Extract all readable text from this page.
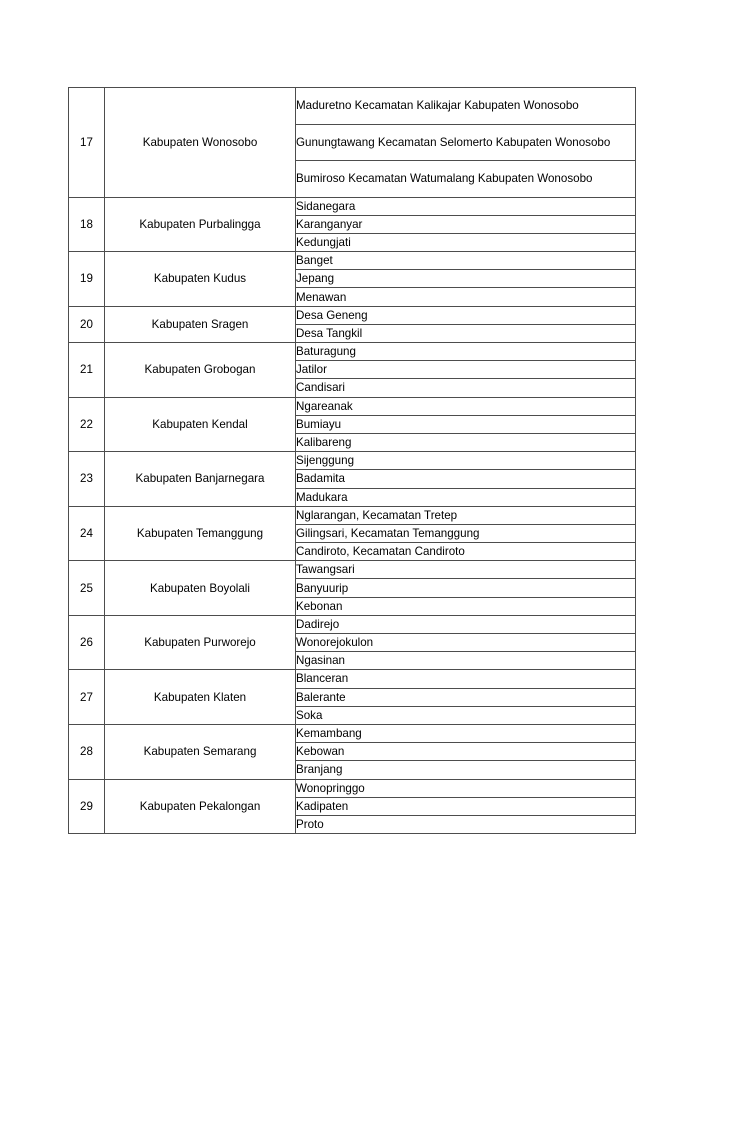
17	Kabupaten Wonosobo	Maduretno Kecamatan Kalikajar Kabupaten Wonosobo
		Gunungtawang Kecamatan Selomerto Kabupaten Wonosobo
		Bumiroso Kecamatan Watumalang Kabupaten Wonosobo
18	Kabupaten Purbalingga	Sidanegara
		Karanganyar
		Kedungjati
19	Kabupaten Kudus	Banget
		Jepang
		Menawan
20	Kabupaten Sragen	Desa Geneng
		Desa Tangkil
21	Kabupaten Grobogan	Baturagung
		Jatilor
		Candisari
22	Kabupaten Kendal	Ngareanak
		Bumiayu
		Kalibareng
23	Kabupaten Banjarnegara	Sijenggung
		Badamita
		Madukara
24	Kabupaten Temanggung	Nglarangan, Kecamatan Tretep
		Gilingsari, Kecamatan Temanggung
		Candiroto, Kecamatan Candiroto
25	Kabupaten Boyolali	Tawangsari
		Banyuurip
		Kebonan
26	Kabupaten Purworejo	Dadirejo
		Wonorejokulon
		Ngasinan
27	Kabupaten Klaten	Blanceran
		Balerante
		Soka
28	Kabupaten Semarang	Kemambang
		Kebowan
		Branjang
29	Kabupaten Pekalongan	Wonopringgo
		Kadipaten
		Proto
